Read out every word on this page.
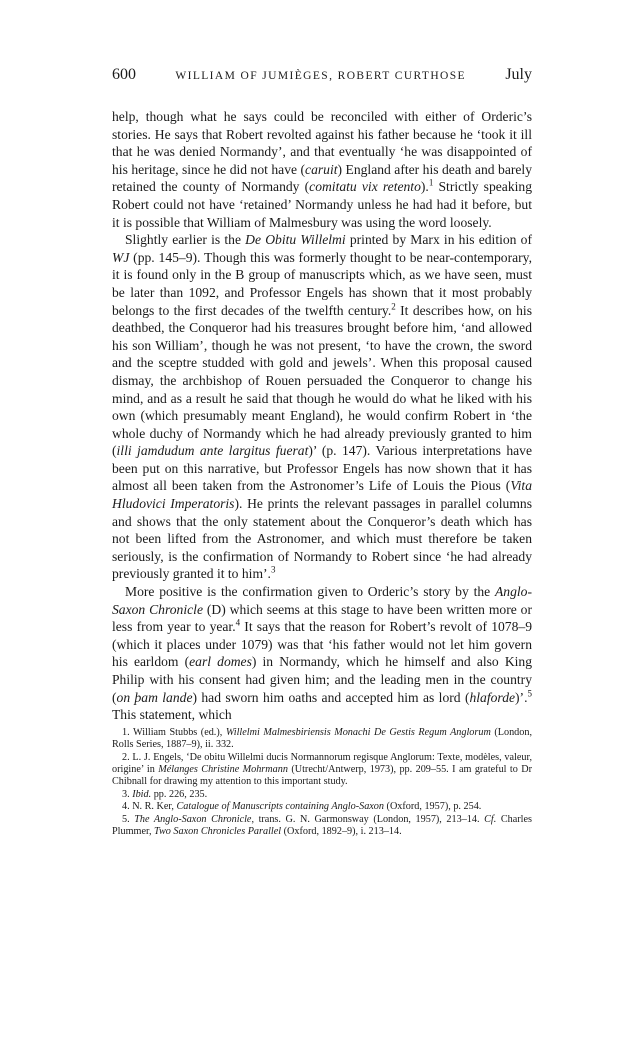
600	WILLIAM OF JUMIÈGES, ROBERT CURTHOSE July

help, though what he says could be reconciled with either of Orderic’s stories. He says that Robert revolted against his father because he ‘took it ill that he was denied Normandy’, and that eventually ‘he was disappointed of his heritage, since he did not have (caruit) England after his death and barely retained the county of Normandy (comitatu vix retento).$^1$ Strictly speaking Robert could not have ‘retained’ Normandy unless he had had it before, but it is possible that William of Malmesbury was using the word loosely.

Slightly earlier is the De Obitu Willelmi printed by Marx in his edition of WJ (pp. 145–9). Though this was formerly thought to be near-contemporary, it is found only in the B group of manuscripts which, as we have seen, must be later than 1092, and Professor Engels has shown that it most probably belongs to the first decades of the twelfth century.$^2$ It describes how, on his deathbed, the Conqueror had his treasures brought before him, ‘and allowed his son William’, though he was not present, ‘to have the crown, the sword and the sceptre studded with gold and jewels’. When this proposal caused dismay, the archbishop of Rouen persuaded the Conqueror to change his mind, and as a result he said that though he would do what he liked with his own (which presumably meant England), he would confirm Robert in ‘the whole duchy of Normandy which he had already previously granted to him (illi jamdudum ante largitus fuerat)’ (p. 147). Various interpretations have been put on this narrative, but Professor Engels has now shown that it has almost all been taken from the Astronomer’s Life of Louis the Pious (Vita Hludovici Imperatoris). He prints the relevant passages in parallel columns and shows that the only statement about the Conqueror’s death which has not been lifted from the Astronomer, and which must therefore be taken seriously, is the confirmation of Normandy to Robert since ‘he had already previously granted it to him’.$^3$

More positive is the confirmation given to Orderic’s story by the Anglo-Saxon Chronicle (D) which seems at this stage to have been written more or less from year to year.$^4$ It says that the reason for Robert’s revolt of 1078–9 (which it places under 1079) was that ‘his father would not let him govern his earldom (earl domes) in Normandy, which he himself and also King Philip with his consent had given him; and the leading men in the country (on þam lande) had sworn him oaths and accepted him as lord (hlaforde)’.$^5$ This statement, which

1. William Stubbs (ed.), Willelmi Malmesbiriensis Monachi De Gestis Regum Anglorum (London, Rolls Series, 1887–9), ii. 332.

2. L. J. Engels, ‘De obitu Willelmi ducis Normannorum regisque Anglorum: Texte, modèles, valeur, origine’ in Mélanges Christine Mohrmann (Utrecht/Antwerp, 1973), pp. 209–55. I am grateful to Dr Chibnall for drawing my attention to this important study.

3. Ibid. pp. 226, 235.

4. N. R. Ker, Catalogue of Manuscripts containing Anglo-Saxon (Oxford, 1957), p. 254.

5. The Anglo-Saxon Chronicle, trans. G. N. Garmonsway (London, 1957), 213–14. Cf. Charles Plummer, Two Saxon Chronicles Parallel (Oxford, 1892–9), i. 213–14.
